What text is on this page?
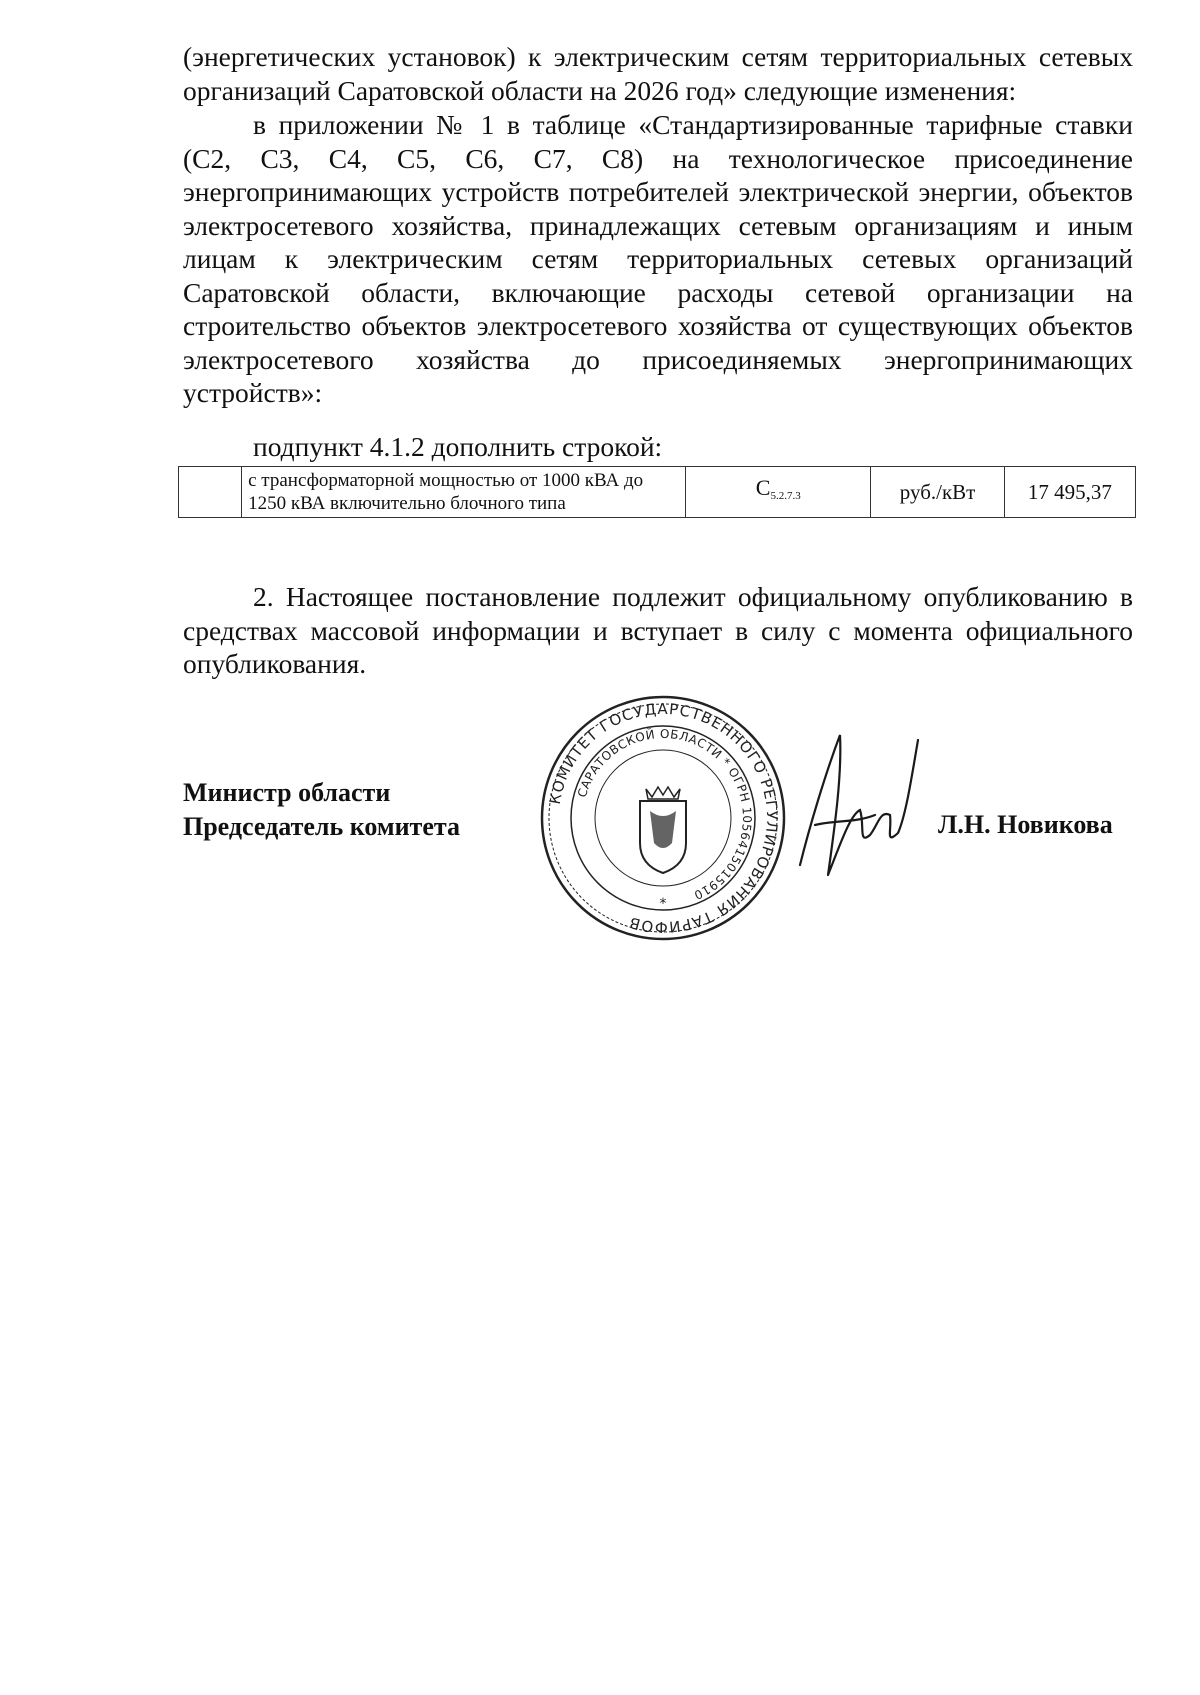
(энергетических установок) к электрическим сетям территориальных сетевых организаций Саратовской области на 2026 год» следующие изменения:

в приложении № 1 в таблице «Стандартизированные тарифные ставки (С2, С3, С4, С5, С6, С7, С8) на технологическое присоединение энергопринимающих устройств потребителей электрической энергии, объектов электросетевого хозяйства, принадлежащих сетевым организациям и иным лицам к электрическим сетям территориальных сетевых организаций Саратовской области, включающие расходы сетевой организации на строительство объектов электросетевого хозяйства от существующих объектов электросетевого хозяйства до присоединяемых энергопринимающих устройств»:

подпункт 4.1.2 дополнить строкой:

	с трансформаторной мощностью от 1000 кВА до 1250 кВА включительно блочного типа	$С_{5.2.7.3}$	руб./кВт	17 495,37

2. Настоящее постановление подлежит официальному опубликованию в средствах массовой информации и вступает в силу с момента официального опубликования.

Министр области
Председатель комитета
КОМИТЕТ ГОСУДАРСТВЕННОГО РЕГУЛИРОВАНИЯ ТАРИФОВ
САРАТОВСКОЙ ОБЛАСТИ * ОГРН 1056415015910
*
Л.Н. Новикова
